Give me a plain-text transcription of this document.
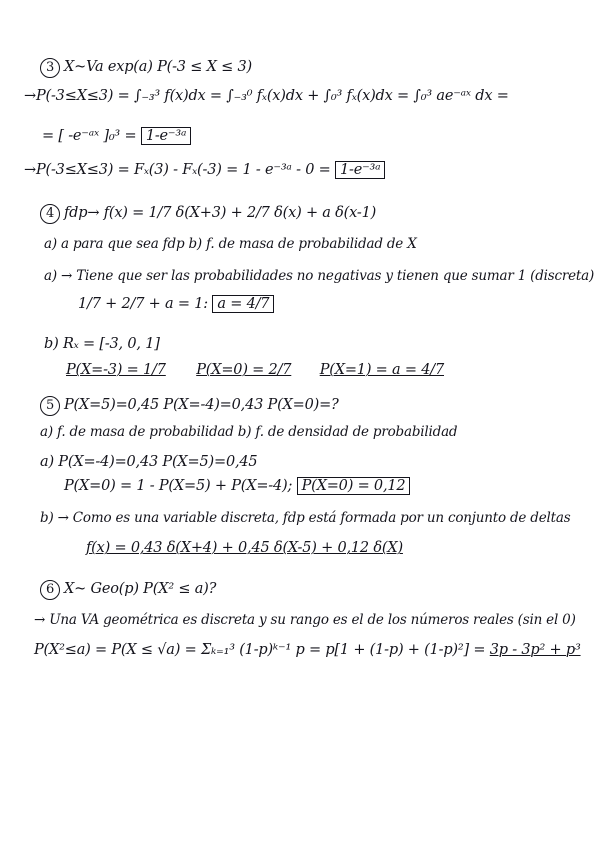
3 X~Va exp(a) P(-3 ≤ X ≤ 3)
→P(-3≤X≤3) = ∫₋₃³ f(x)dx = ∫₋₃⁰ fₓ(x)dx + ∫₀³ fₓ(x)dx = ∫₀³ ae⁻ᵃˣ dx =
= [ -e⁻ᵃˣ ]₀³ = 1-e⁻³ᵃ
→P(-3≤X≤3) = Fₓ(3) - Fₓ(-3) = 1 - e⁻³ᵃ - 0 = 1-e⁻³ᵃ
4 fdp→ f(x) = 1/7 δ(X+3) + 2/7 δ(x) + a δ(x-1)
a) a para que sea fdp b) f. de masa de probabilidad de X
a) → Tiene que ser las probabilidades no negativas y tienen que sumar 1 (discreta)
1/7 + 2/7 + a = 1: a = 4/7
b) Rₓ = [-3, 0, 1]
P(X=-3) = 1/7 P(X=0) = 2/7 P(X=1) = a = 4/7
5 P(X=5)=0,45 P(X=-4)=0,43 P(X=0)=?
a) f. de masa de probabilidad b) f. de densidad de probabilidad
a) P(X=-4)=0,43 P(X=5)=0,45
P(X=0) = 1 - P(X=5) + P(X=-4); P(X=0) = 0,12
b) → Como es una variable discreta, fdp está formada por un conjunto de deltas
f(x) = 0,43 δ(X+4) + 0,45 δ(X-5) + 0,12 δ(X)
6 X~ Geo(p) P(X² ≤ a)?
→ Una VA geométrica es discreta y su rango es el de los números reales (sin el 0)
P(X²≤a) = P(X ≤ √a) = Σₖ₌₁³ (1-p)ᵏ⁻¹ p = p[1 + (1-p) + (1-p)²] = 3p - 3p² + p³
